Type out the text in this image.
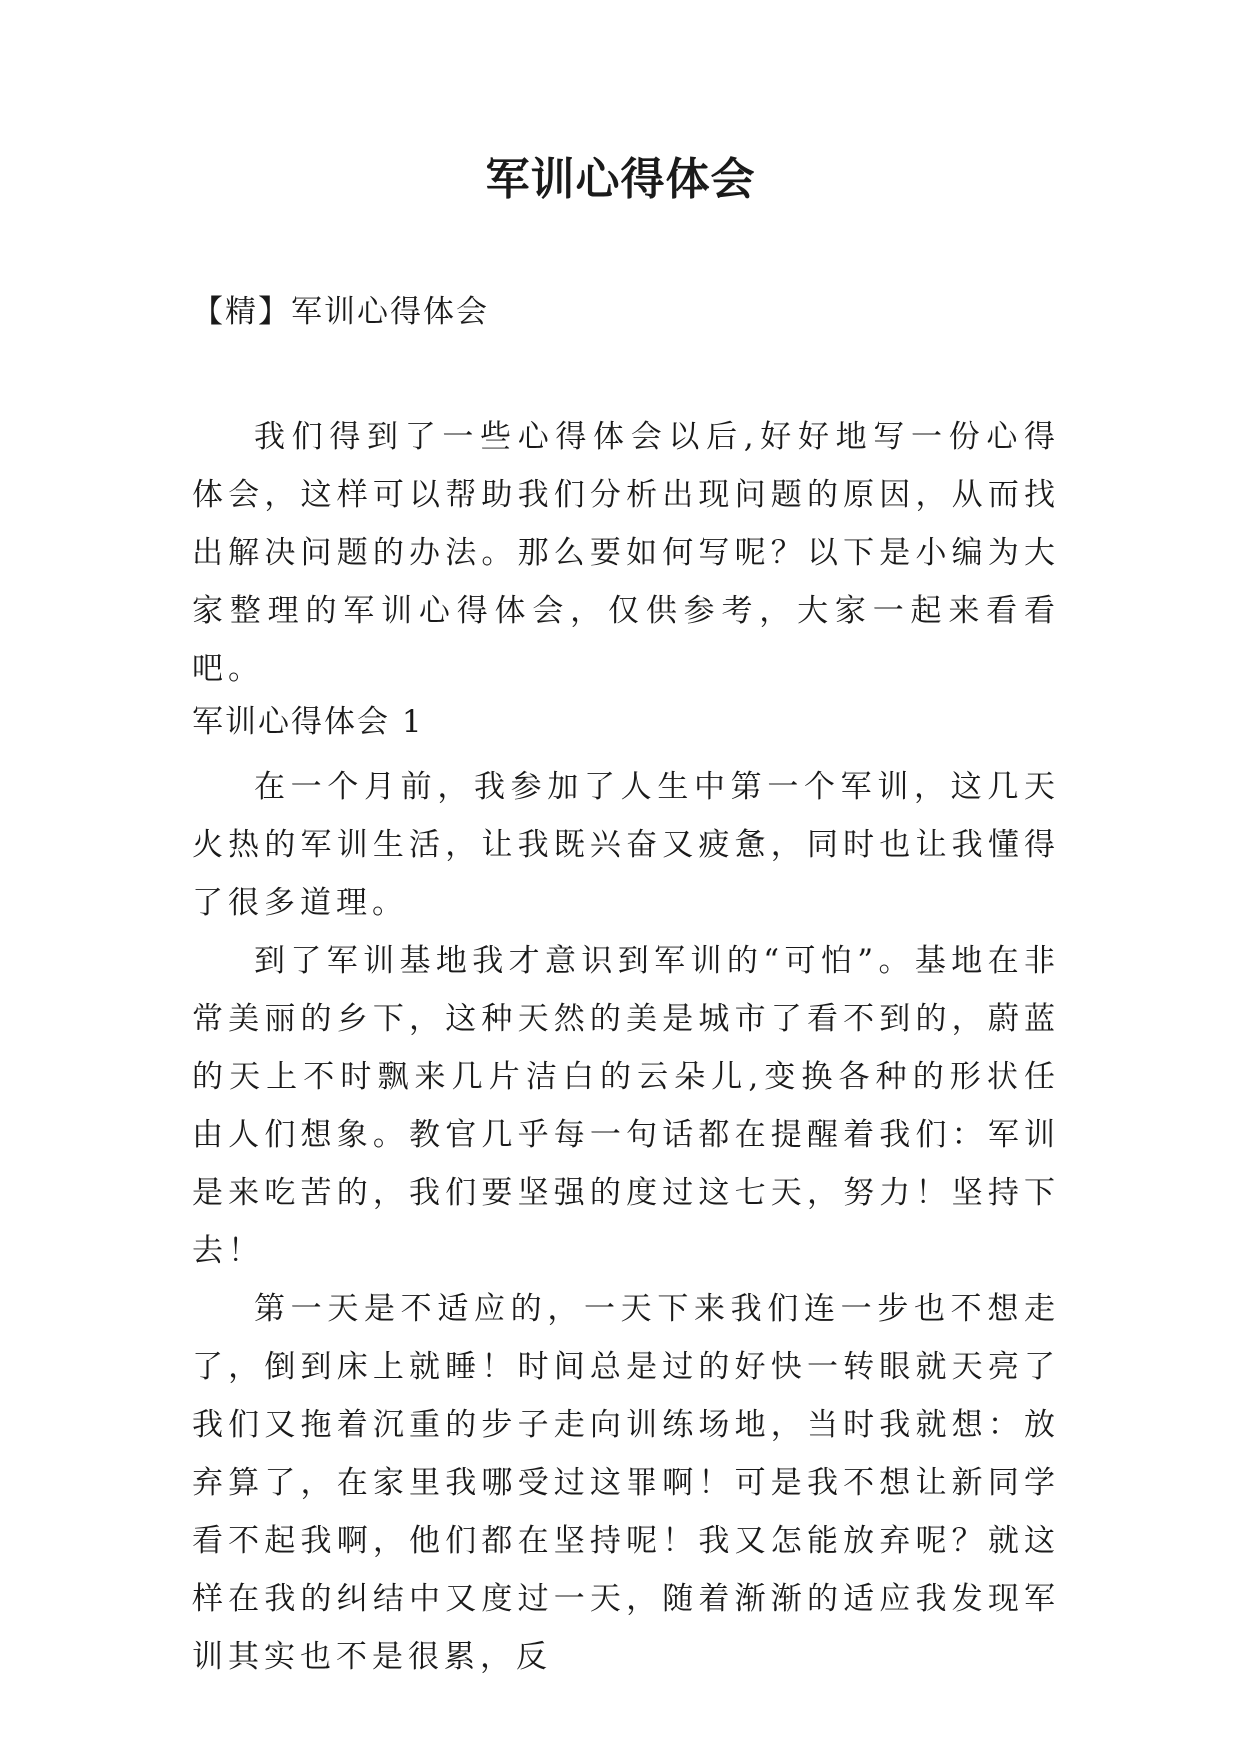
军训心得体会

【精】军训心得体会

我们得到了一些心得体会以后,好好地写一份心得体会，这样可以帮助我们分析出现问题的原因，从而找出解决问题的办法。那么要如何写呢？以下是小编为大家整理的军训心得体会，仅供参考，大家一起来看看吧。

军训心得体会 1

在一个月前，我参加了人生中第一个军训，这几天火热的军训生活，让我既兴奋又疲惫，同时也让我懂得了很多道理。

到了军训基地我才意识到军训的“可怕”。基地在非常美丽的乡下，这种天然的美是城市了看不到的，蔚蓝的天上不时飘来几片洁白的云朵儿,变换各种的形状任由人们想象。教官几乎每一句话都在提醒着我们：军训是来吃苦的，我们要坚强的度过这七天，努力！坚持下去！

第一天是不适应的，一天下来我们连一步也不想走了，倒到床上就睡！时间总是过的好快一转眼就天亮了我们又拖着沉重的步子走向训练场地，当时我就想：放弃算了，在家里我哪受过这罪啊！可是我不想让新同学看不起我啊，他们都在坚持呢！我又怎能放弃呢？就这样在我的纠结中又度过一天，随着渐渐的适应我发现军训其实也不是很累，反
